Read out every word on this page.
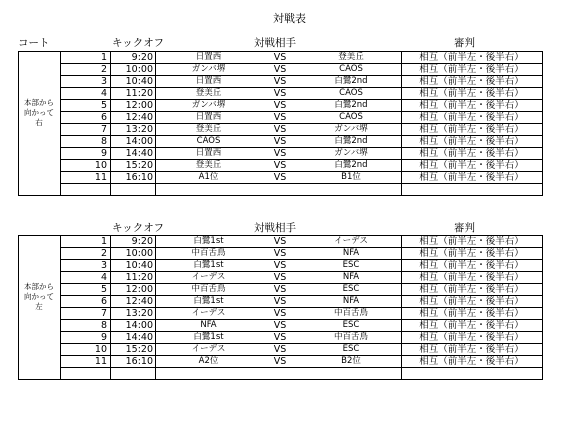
対戦表
コート	キックオフ	対戦相手	審判
1	9:20	日置西	VS	登美丘	相互（前半左・後半右）
2	10:00	ガンバ堺	VS	CAOS	相互（前半左・後半右）
3	10:40	日置西	VS	白鷺2nd	相互（前半左・後半右）
4	11:20	登美丘	VS	CAOS	相互（前半左・後半右）
5	12:00	ガンバ堺	VS	白鷺2nd	相互（前半左・後半右）
6	12:40	日置西	VS	CAOS	相互（前半左・後半右）
7	13:20	登美丘	VS	ガンバ堺	相互（前半左・後半右）
8	14:00	CAOS	VS	白鷺2nd	相互（前半左・後半右）
9	14:40	日置西	VS	ガンバ堺	相互（前半左・後半右）
10	15:20	登美丘	VS	白鷺2nd	相互（前半左・後半右）
11	16:10	A1位	VS	B1位	相互（前半左・後半右）
本部から
向かって
右
キックオフ	対戦相手	審判
1	9:20	白鷺1st	VS	イーデス	相互（前半左・後半右）
2	10:00	中百舌鳥	VS	NFA	相互（前半左・後半右）
3	10:40	白鷺1st	VS	ESC	相互（前半左・後半右）
4	11:20	イーデス	VS	NFA	相互（前半左・後半右）
5	12:00	中百舌鳥	VS	ESC	相互（前半左・後半右）
6	12:40	白鷺1st	VS	NFA	相互（前半左・後半右）
7	13:20	イーデス	VS	中百舌鳥	相互（前半左・後半右）
8	14:00	NFA	VS	ESC	相互（前半左・後半右）
9	14:40	白鷺1st	VS	中百舌鳥	相互（前半左・後半右）
10	15:20	イーデス	VS	ESC	相互（前半左・後半右）
11	16:10	A2位	VS	B2位	相互（前半左・後半右）
本部から
向かって
左
